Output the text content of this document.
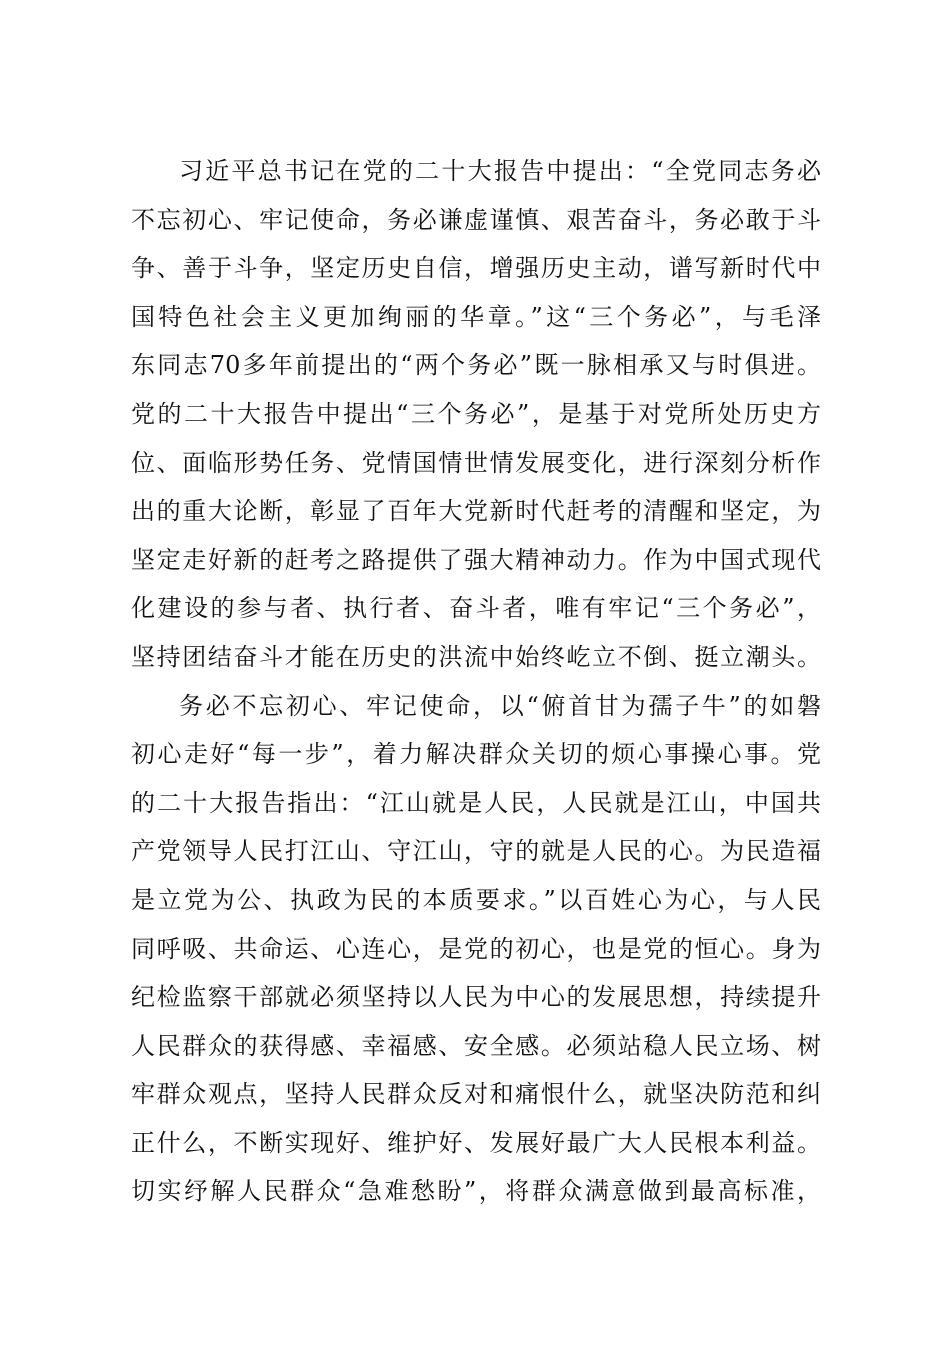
习近平总书记在党的二十大报告中提出：“全党同志务必
不忘初心、牢记使命，务必谦虚谨慎、艰苦奋斗，务必敢于斗
争、善于斗争，坚定历史自信，增强历史主动，谱写新时代中
国特色社会主义更加绚丽的华章。”这“三个务必”，与毛泽
东同志70多年前提出的“两个务必”既一脉相承又与时俱进。
党的二十大报告中提出“三个务必”，是基于对党所处历史方
位、面临形势任务、党情国情世情发展变化，进行深刻分析作
出的重大论断，彰显了百年大党新时代赶考的清醒和坚定，为
坚定走好新的赶考之路提供了强大精神动力。作为中国式现代
化建设的参与者、执行者、奋斗者，唯有牢记“三个务必”，
坚持团结奋斗才能在历史的洪流中始终屹立不倒、挺立潮头。
务必不忘初心、牢记使命，以“俯首甘为孺子牛”的如磐
初心走好“每一步”，着力解决群众关切的烦心事操心事。党
的二十大报告指出：“江山就是人民，人民就是江山，中国共
产党领导人民打江山、守江山，守的就是人民的心。为民造福
是立党为公、执政为民的本质要求。”以百姓心为心，与人民
同呼吸、共命运、心连心，是党的初心，也是党的恒心。身为
纪检监察干部就必须坚持以人民为中心的发展思想，持续提升
人民群众的获得感、幸福感、安全感。必须站稳人民立场、树
牢群众观点，坚持人民群众反对和痛恨什么，就坚决防范和纠
正什么，不断实现好、维护好、发展好最广大人民根本利益。
切实纾解人民群众“急难愁盼”，将群众满意做到最高标准，
